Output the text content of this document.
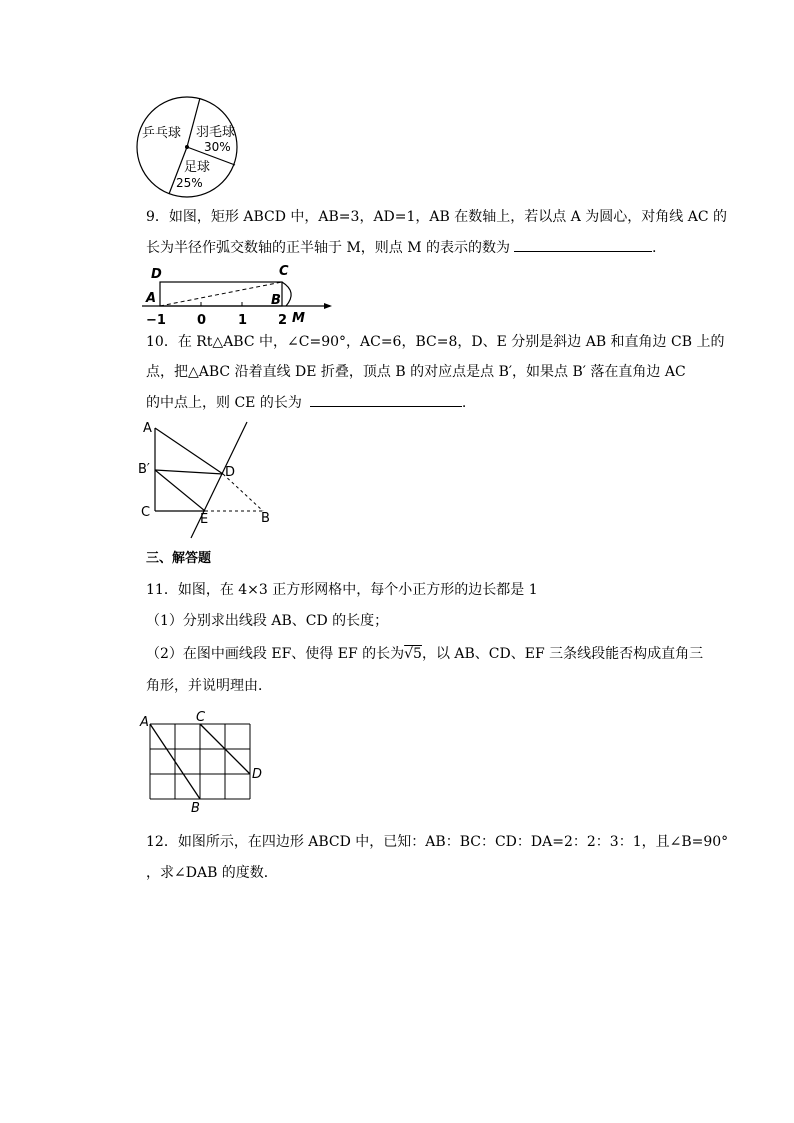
乒乓球 羽毛球
30%
足球
25%
9．如图，矩形 ABCD 中，AB=3，AD=1，AB 在数轴上，若以点 A 为圆心，对角线 AC 的
长为半径作弧交数轴的正半轴于 M，则点 M 的表示的数为	.
D	C
A	B
−1 0 1 2 M
10．在 Rt△ABC 中，∠C=90°，AC=6，BC=8，D、E 分别是斜边 AB 和直角边 CB 上的
点，把△ABC 沿着直线 DE 折叠，顶点 B 的对应点是点 B′，如果点 B′ 落在直角边 AC
的中点上，则 CE 的长为	.
A
B′	D
C	E	B
三、解答题
11．如图，在 4×3 正方形网格中，每个小正方形的边长都是 1
（1）分别求出线段 AB、CD 的长度；
（2）在图中画线段 EF、使得 EF 的长为√5，以 AB、CD、EF 三条线段能否构成直角三
角形，并说明理由．
A	C
D
B
12．如图所示，在四边形 ABCD 中，已知：AB：BC：CD：DA=2：2：3：1，且∠B=90°
，求∠DAB 的度数．
